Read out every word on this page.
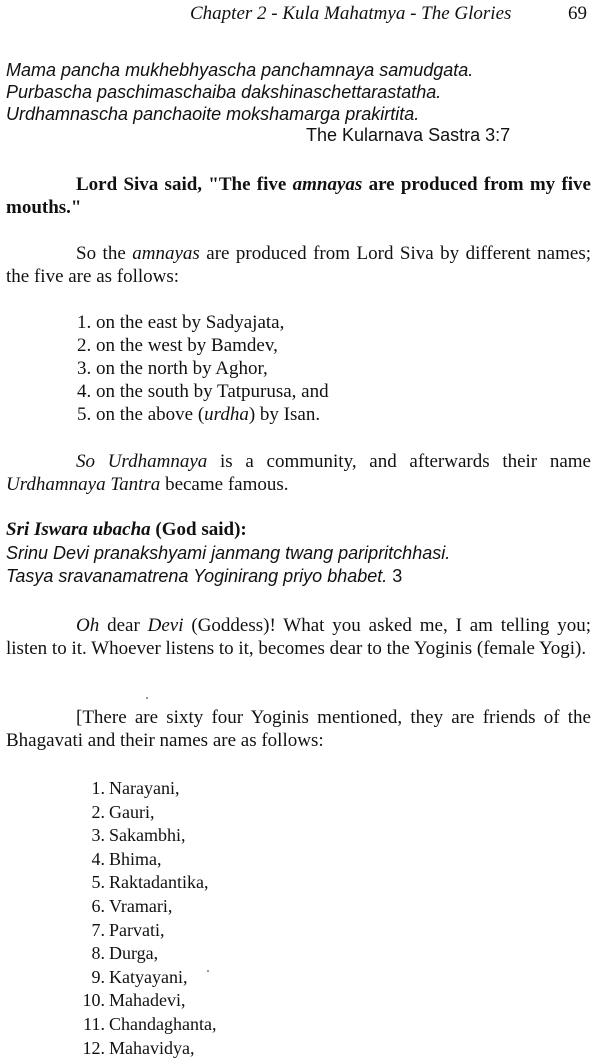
Chapter 2 - Kula Mahatmya - The Glories	69
Mama pancha mukhebhyascha panchamnaya samudgata.
Purbascha paschimaschaiba dakshinaschettarastatha.
Urdhamnascha panchaoite mokshamarga prakirtita.
The Kularnava Sastra 3:7
Lord Siva said, "The five amnayas are produced from my five mouths."
So the amnayas are produced from Lord Siva by different names; the five are as follows:
1. on the east by Sadyajata,
2. on the west by Bamdev,
3. on the north by Aghor,
4. on the south by Tatpurusa, and
5. on the above (urdha) by Isan.
So Urdhamnaya is a community, and afterwards their name Urdhamnaya Tantra became famous.
Sri Iswara ubacha (God said):
Srinu Devi pranakshyami janmang twang paripritchhasi.
Tasya sravanamatrena Yoginirang priyo bhabet. 3
Oh dear Devi (Goddess)! What you asked me, I am telling you; listen to it. Whoever listens to it, becomes dear to the Yoginis (female Yogi).
[There are sixty four Yoginis mentioned, they are friends of the Bhagavati and their names are as follows:
1. Narayani,
2. Gauri,
3. Sakambhi,
4. Bhima,
5. Raktadantika,
6. Vramari,
7. Parvati,
8. Durga,
9. Katyayani,
10. Mahadevi,
11. Chandaghanta,
12. Mahavidya,
